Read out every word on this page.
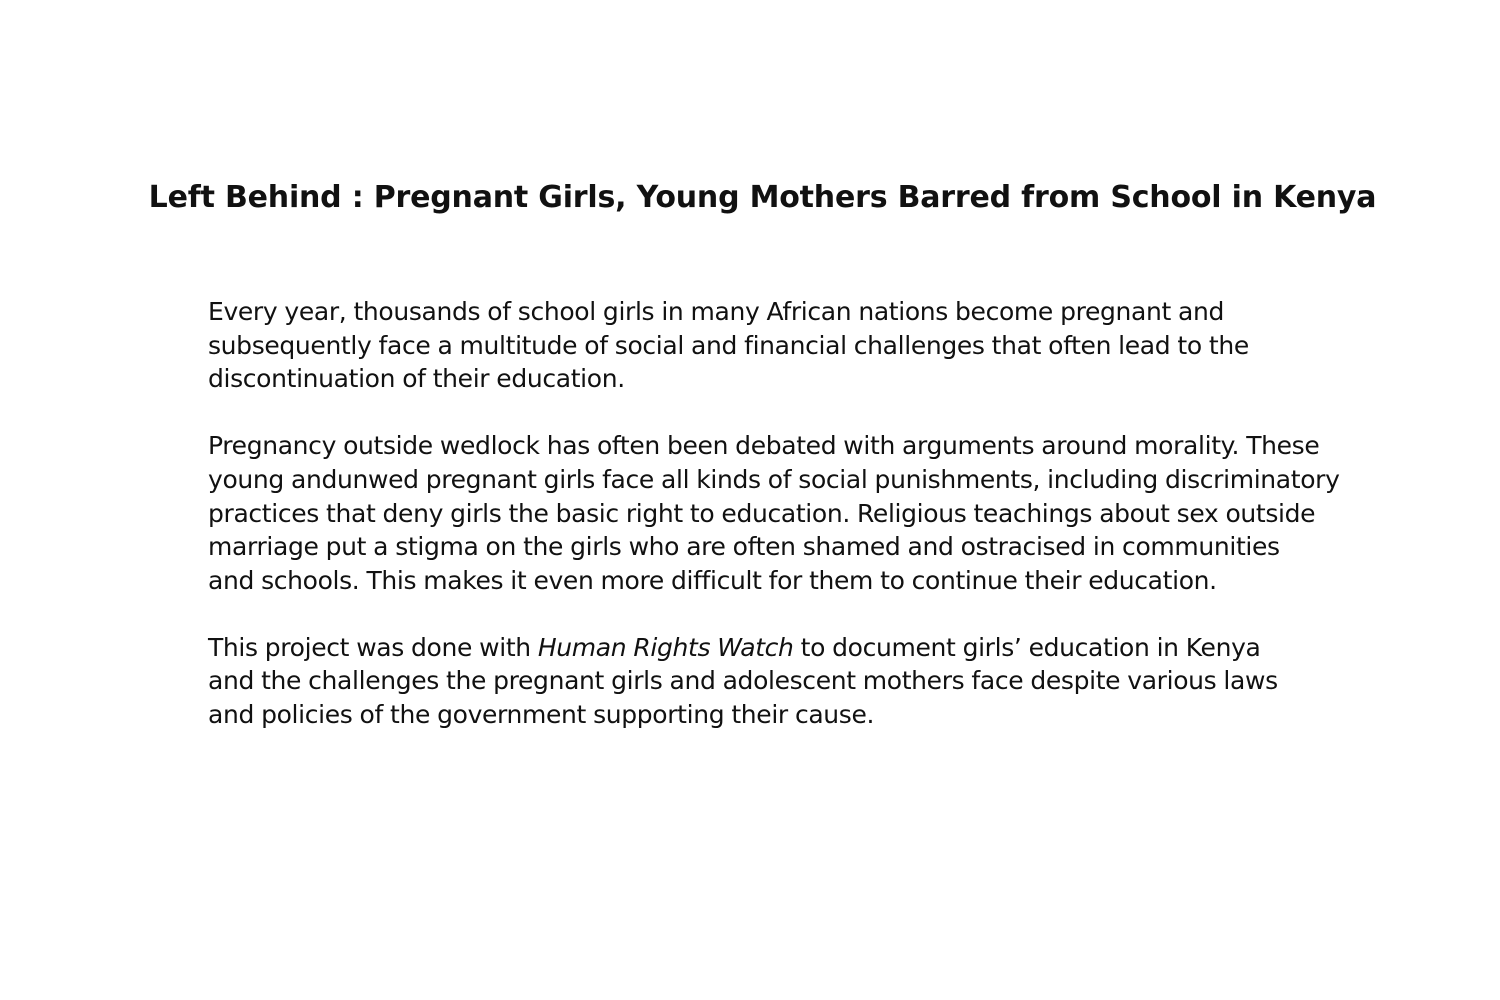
Left Behind : Pregnant Girls, Young Mothers Barred from School in Kenya

Every year, thousands of school girls in many African nations become pregnant and
subsequently face a multitude of social and financial challenges that often lead to the
discontinuation of their education.

Pregnancy outside wedlock has often been debated with arguments around morality. These
young andunwed pregnant girls face all kinds of social punishments, including discriminatory
practices that deny girls the basic right to education. Religious teachings about sex outside
marriage put a stigma on the girls who are often shamed and ostracised in communities
and schools. This makes it even more difficult for them to continue their education.

This project was done with Human Rights Watch to document girls’ education in Kenya
and the challenges the pregnant girls and adolescent mothers face despite various laws
and policies of the government supporting their cause.
